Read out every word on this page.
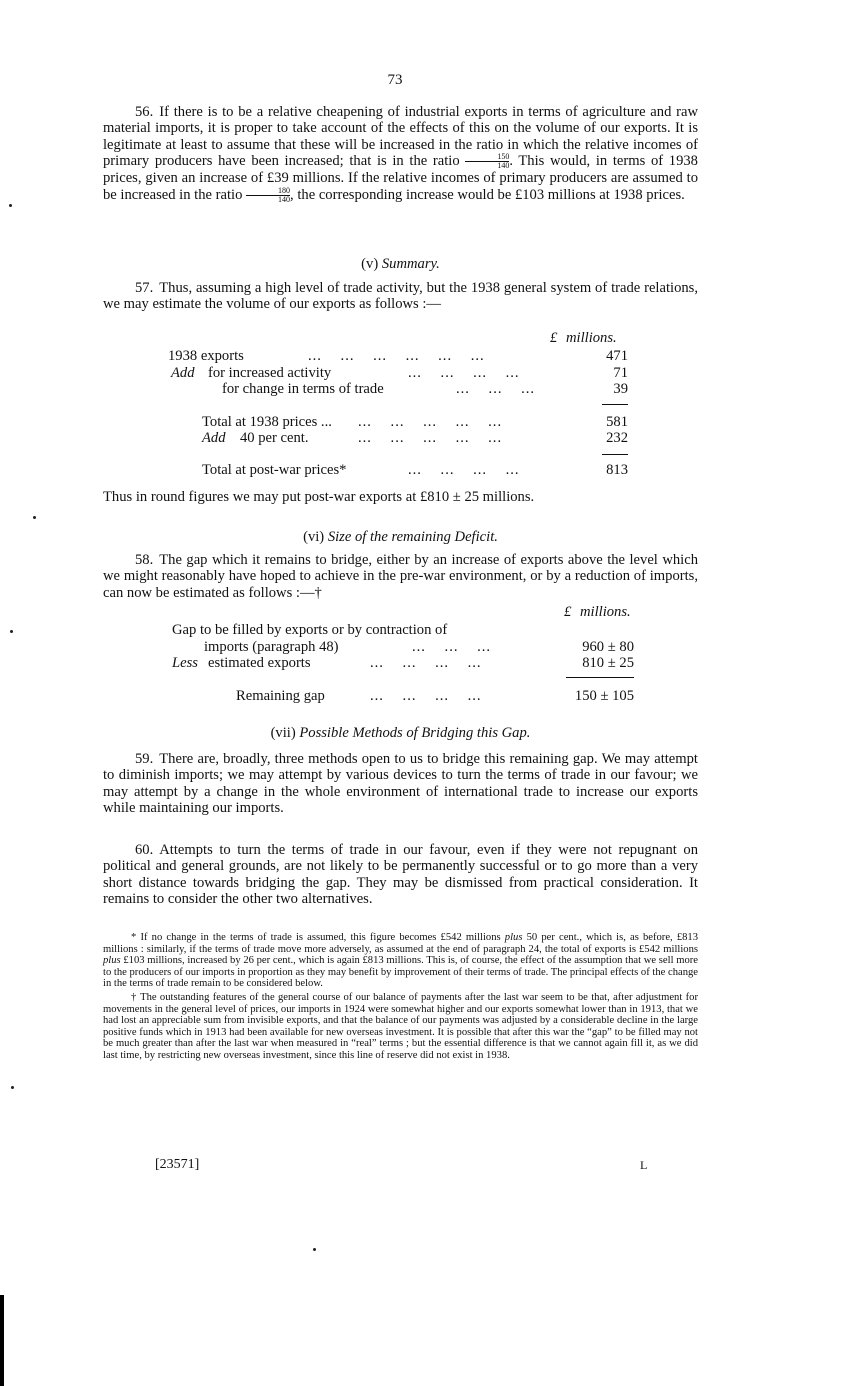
73

56. If there is to be a relative cheapening of industrial exports in terms of agriculture and raw material imports, it is proper to take account of the effects of this on the volume of our exports. It is legitimate at least to assume that these will be increased in the ratio in which the relative incomes of primary producers have been increased; that is in the ratio $\frac{150}{140}$ . This would, in terms of 1938 prices, given an increase of £39 millions. If the relative incomes of primary producers are assumed to be increased in the ratio $\frac{180}{140}$ , the corresponding increase would be £103 millions at 1938 prices.

(v) Summary.

57. Thus, assuming a high level of trade activity, but the 1938 general system of trade relations, we may estimate the volume of our exports as follows :—

£ millions.
1938 exports	...    ...    ...    ...    ...    ...	471
Add for increased activity	...    ...    ...    ...	71
for change in terms of trade	...    ...    ...	39
Total at 1938 prices ... ...    ...    ...    ...    ...	581
Add 40 per cent.	...    ...    ...    ...    ...	232
Total at post-war prices*	...    ...    ...    ...	813

Thus in round figures we may put post-war exports at £810 ± 25 millions.

(vi) Size of the remaining Deficit.

58. The gap which it remains to bridge, either by an increase of exports above the level which we might reasonably have hoped to achieve in the pre-war environment, or by a reduction of imports, can now be estimated as follows :—†

£ millions.
Gap to be filled by exports or by contraction of
imports (paragraph 48)	...    ...    ...	960 ± 80
Less estimated exports	...    ...    ...    ...	810 ± 25
Remaining gap	...    ...    ...    ...	150 ± 105

(vii) Possible Methods of Bridging this Gap.

59. There are, broadly, three methods open to us to bridge this remaining gap. We may attempt to diminish imports; we may attempt by various devices to turn the terms of trade in our favour; we may attempt by a change in the whole environment of international trade to increase our exports while maintaining our imports.

60. Attempts to turn the terms of trade in our favour, even if they were not repugnant on political and general grounds, are not likely to be permanently successful or to go more than a very short distance towards bridging the gap. They may be dismissed from practical consideration. It remains to consider the other two alternatives.

* If no change in the terms of trade is assumed, this figure becomes £542 millions plus 50 per cent., which is, as before, £813 millions : similarly, if the terms of trade move more adversely, as assumed at the end of paragraph 24, the total of exports is £542 millions plus £103 millions, increased by 26 per cent., which is again £813 millions. This is, of course, the effect of the assumption that we sell more to the producers of our imports in proportion as they may benefit by improvement of their terms of trade. The principal effects of the change in the terms of trade remain to be considered below.

† The outstanding features of the general course of our balance of payments after the last war seem to be that, after adjustment for movements in the general level of prices, our imports in 1924 were somewhat higher and our exports somewhat lower than in 1913, that we had lost an appreciable sum from invisible exports, and that the balance of our payments was adjusted by a considerable decline in the large positive funds which in 1913 had been available for new overseas investment. It is possible that after this war the “gap” to be filled may not be much greater than after the last war when measured in “real” terms ; but the essential difference is that we cannot again fill it, as we did last time, by restricting new overseas investment, since this line of reserve did not exist in 1938.

[23571]	L
